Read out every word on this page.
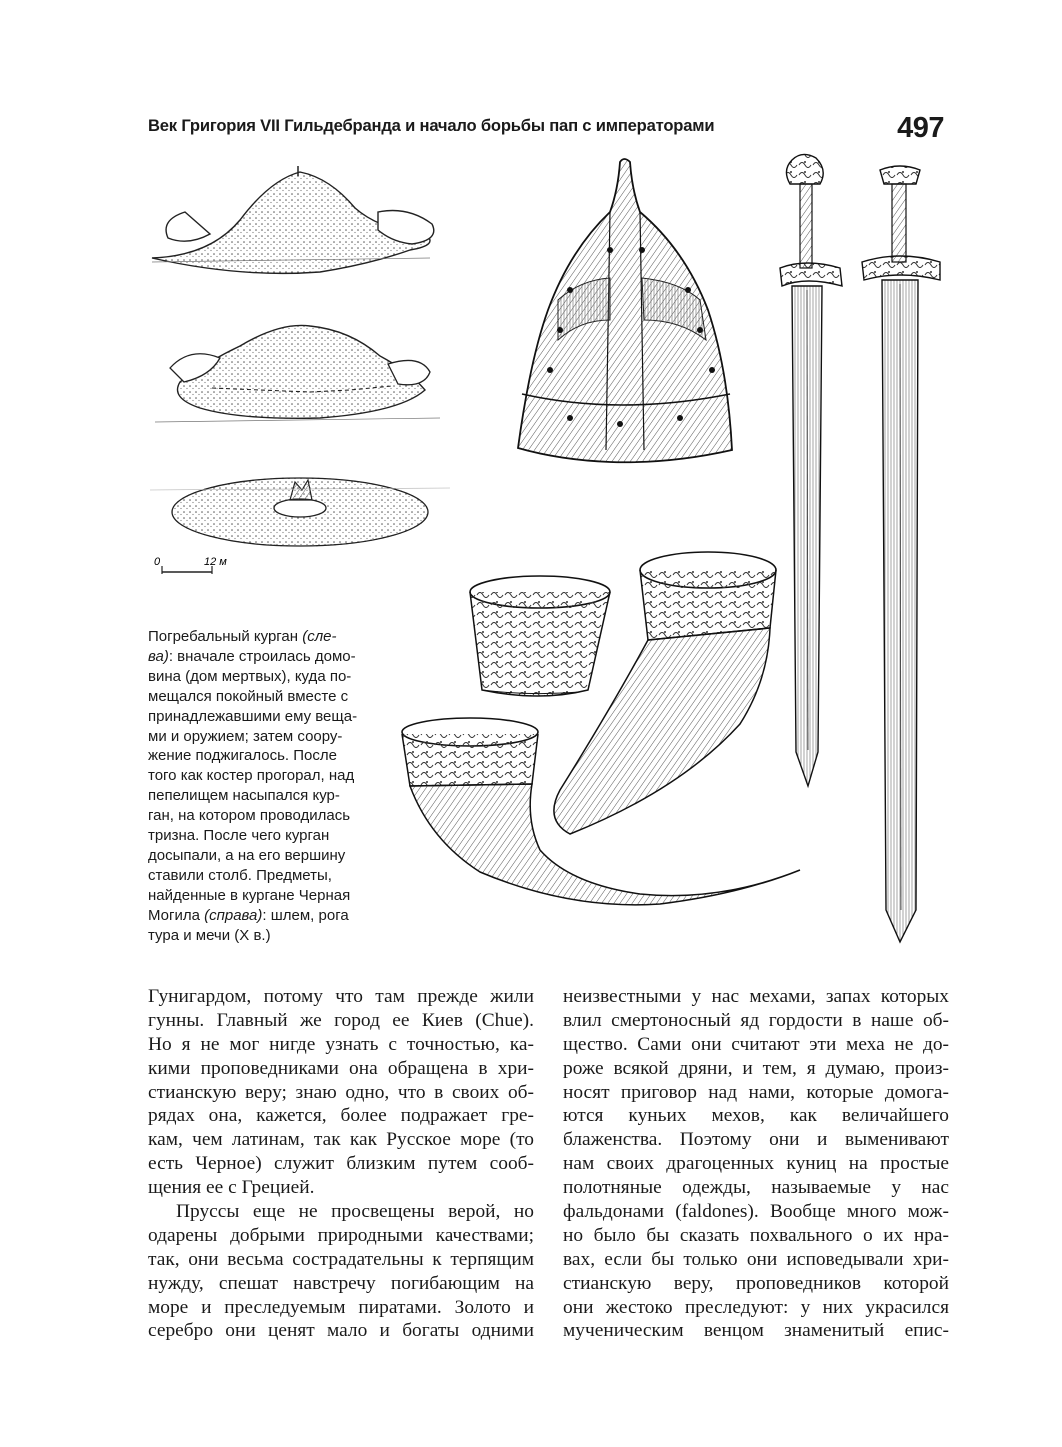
Век Григория VII Гильдебранда и начало борьбы пап с императорами	497
0	12 м
Погребальный курган (сле-
ва): вначале строилась домо-
вина (дом мертвых), куда по-
мещался покойный вместе с
принадлежавшими ему веща-
ми и оружием; затем соору-
жение поджигалось. После
того как костер прогорал, над
пепелищем насыпался кур-
ган, на котором проводилась
тризна. После чего курган
досыпали, а на его вершину
ставили столб. Предметы,
найденные в кургане Черная
Могила (справа): шлем, рога
тура и мечи (X в.)
Гунигардом, потому что там прежде жили
гунны. Главный же город ее Киев (Chue).
Но я не мог нигде узнать с точностью, ка-
кими проповедниками она обращена в хри-
стианскую веру; знаю одно, что в своих об-
рядах она, кажется, более подражает гре-
кам, чем латинам, так как Русское море (то
есть Черное) служит близким путем сооб-
щения ее с Грецией.
Пруссы еще не просвещены верой, но
одарены добрыми природными качествами;
так, они весьма сострадательны к терпящим
нужду, спешат навстречу погибающим на
море и преследуемым пиратами. Золото и
серебро они ценят мало и богаты одними
неизвестными у нас мехами, запах которых
влил смертоносный яд гордости в наше об-
щество. Сами они считают эти меха не до-
роже всякой дряни, и тем, я думаю, произ-
носят приговор над нами, которые домога-
ются куньих мехов, как величайшего
блаженства. Поэтому они и выменивают
нам своих драгоценных куниц на простые
полотняные одежды, называемые у нас
фальдонами (faldones). Вообще много мож-
но было бы сказать похвального о их нра-
вах, если бы только они исповедывали хри-
стианскую веру, проповедников которой
они жестоко преследуют: у них украсился
мученическим венцом знаменитый епис-
